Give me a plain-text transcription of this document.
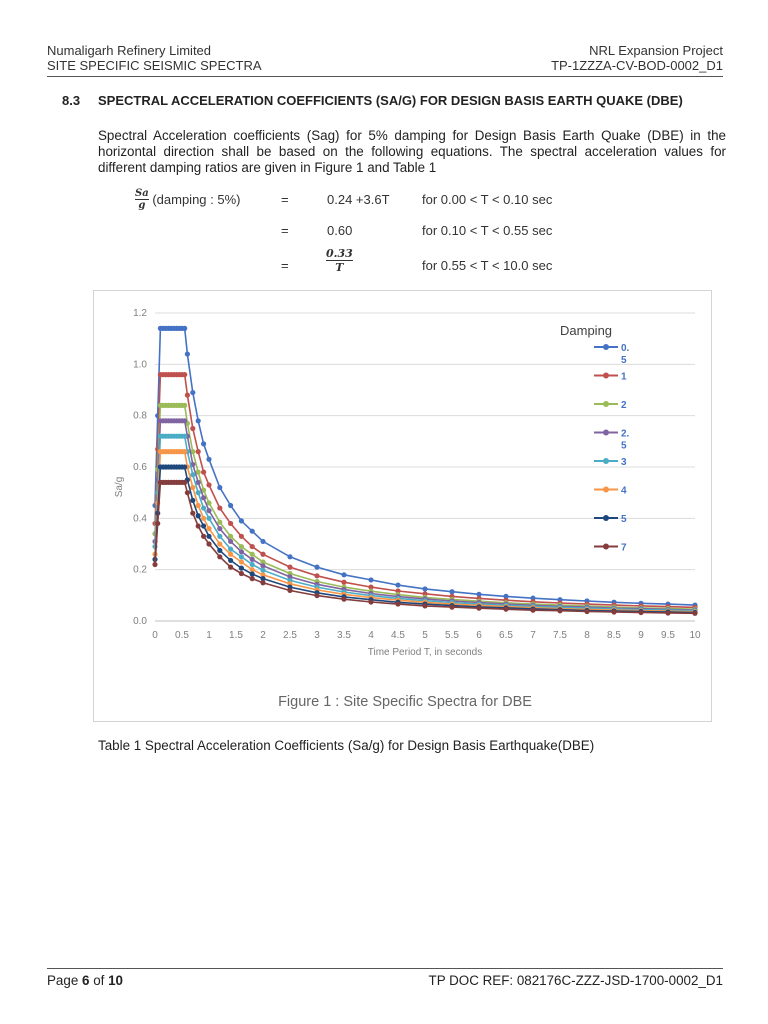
Numaligarh Refinery Limited
SITE SPECIFIC SEISMIC SPECTRA
NRL Expansion Project
TP-1ZZZA-CV-BOD-0002_D1
8.3 SPECTRAL ACCELERATION COEFFICIENTS (SA/G) FOR DESIGN BASIS EARTH QUAKE (DBE)
Spectral Acceleration coefficients (Sag) for 5% damping for Design Basis Earth Quake (DBE) in the horizontal direction shall be based on the following equations. The spectral acceleration values for different damping ratios are given in Figure 1 and Table 1
$\frac{Sa}{g}$ (damping : 5%)	=	0.24 +3.6T for 0.00 < T < 0.10 sec
=	0.60	for 0.10 < T < 0.55 sec
=	$\frac{0.33}{T}$	for 0.55 < T < 10.0 sec
0.0
0.2
0.4
0.6
0.8
1.0
1.2
0 0.5 1 1.5 2 2.5 3 3.5 4 4.5 5 5.5 6 6.5 7 7.5 8 8.5 9 9.5 10
Time Period T, in seconds
Sa/g
Damping
0.
5
1
2
2.
5
3
4
5
7
Figure 1 : Site Specific Spectra for DBE
Table 1 Spectral Acceleration Coefficients (Sa/g) for Design Basis Earthquake(DBE)
Page 6 of 10	TP DOC REF: 082176C-ZZZ-JSD-1700-0002_D1
